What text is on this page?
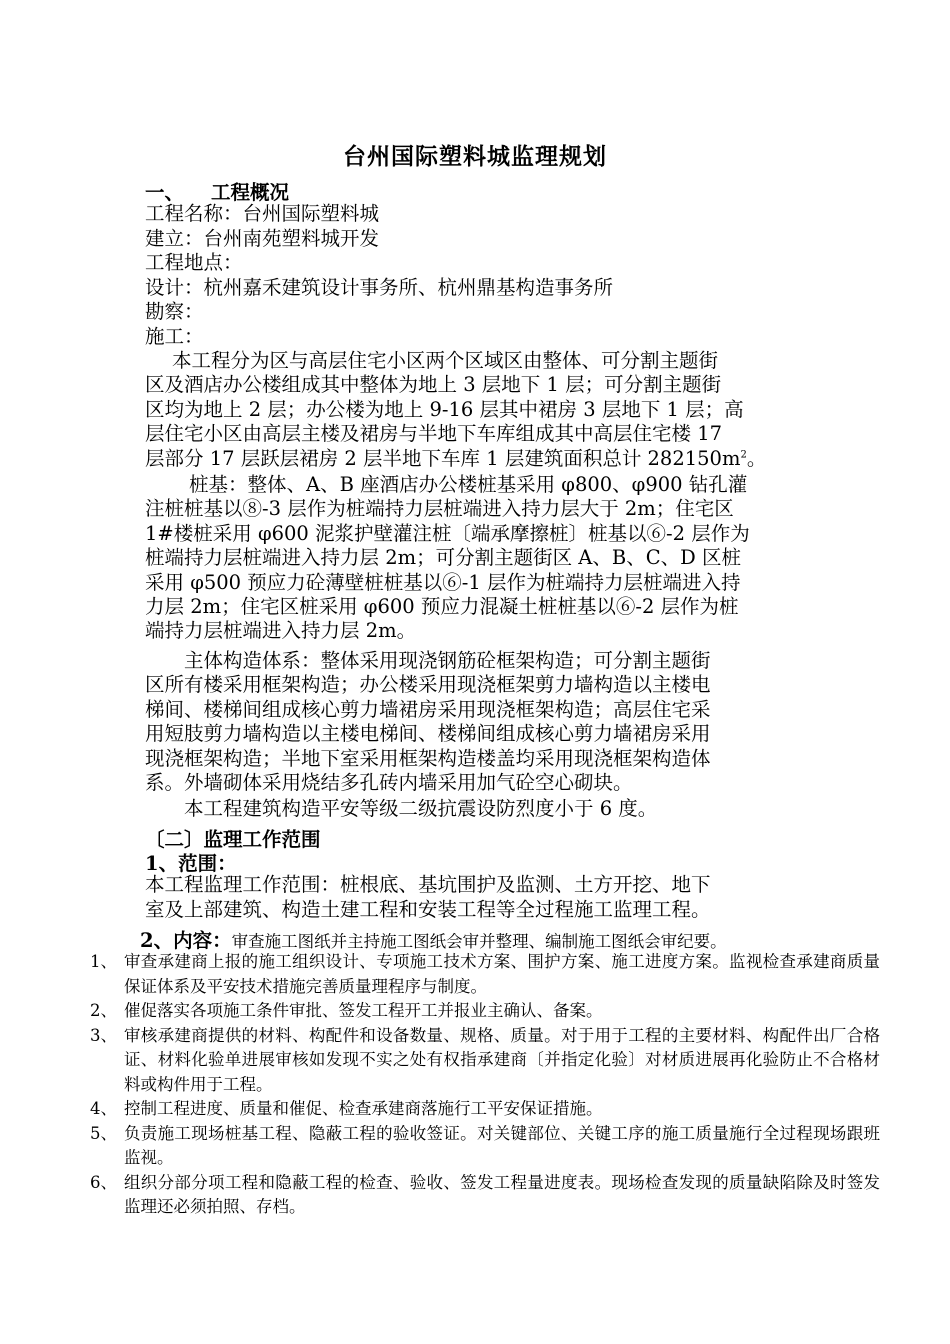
台州国际塑料城监理规划
一、 工程概况
工程名称：台州国际塑料城
建立：台州南苑塑料城开发
工程地点：
设计：杭州嘉禾建筑设计事务所、杭州鼎基构造事务所
勘察：
施工：
本工程分为区与高层住宅小区两个区域区由整体、可分割主题街
区及酒店办公楼组成其中整体为地上 3 层地下 1 层；可分割主题街
区均为地上 2 层；办公楼为地上 9-16 层其中裙房 3 层地下 1 层；高
层住宅小区由高层主楼及裙房与半地下车库组成其中高层住宅楼 17
层部分 17 层跃层裙房 2 层半地下车库 1 层建筑面积总计 $282150m^2$。
桩基：整体、A、B 座酒店办公楼桩基采用 φ800、φ900 钻孔灌
注桩桩基以⑧-3 层作为桩端持力层桩端进入持力层大于 2m；住宅区
1#楼桩采用 φ600 泥浆护壁灌注桩〔端承摩擦桩〕桩基以⑥-2 层作为
桩端持力层桩端进入持力层 2m；可分割主题街区 A、B、C、D 区桩
采用 φ500 预应力砼薄壁桩桩基以⑥-1 层作为桩端持力层桩端进入持
力层 2m；住宅区桩采用 φ600 预应力混凝土桩桩基以⑥-2 层作为桩
端持力层桩端进入持力层 2m。
主体构造体系：整体采用现浇钢筋砼框架构造；可分割主题街
区所有楼采用框架构造；办公楼采用现浇框架剪力墙构造以主楼电
梯间、楼梯间组成核心剪力墙裙房采用现浇框架构造；高层住宅采
用短肢剪力墙构造以主楼电梯间、楼梯间组成核心剪力墙裙房采用
现浇框架构造；半地下室采用框架构造楼盖均采用现浇框架构造体
系。外墙砌体采用烧结多孔砖内墙采用加气砼空心砌块。
本工程建筑构造平安等级二级抗震设防烈度小于 6 度。
〔二〕监理工作范围
1、范围：
本工程监理工作范围：桩根底、基坑围护及监测、土方开挖、地下
室及上部建筑、构造土建工程和安装工程等全过程施工监理工程。
2、内容：审查施工图纸并主持施工图纸会审并整理、编制施工图纸会审纪要。
1、 审查承建商上报的施工组织设计、专项施工技术方案、围护方案、施工进度方案。监视检查承建商质量保证体系及平安技术措施完善质量理程序与制度。
2、 催促落实各项施工条件审批、签发工程开工并报业主确认、备案。
3、 审核承建商提供的材料、构配件和设备数量、规格、质量。对于用于工程的主要材料、构配件出厂合格证、材料化验单进展审核如发现不实之处有权指承建商〔并指定化验〕对材质进展再化验防止不合格材料或构件用于工程。
4、 控制工程进度、质量和催促、检查承建商落施行工平安保证措施。
5、 负责施工现场桩基工程、隐蔽工程的验收签证。对关键部位、关键工序的施工质量施行全过程现场跟班监视。
6、 组织分部分项工程和隐蔽工程的检查、验收、签发工程量进度表。现场检查发现的质量缺陷除及时签发监理还必须拍照、存档。
